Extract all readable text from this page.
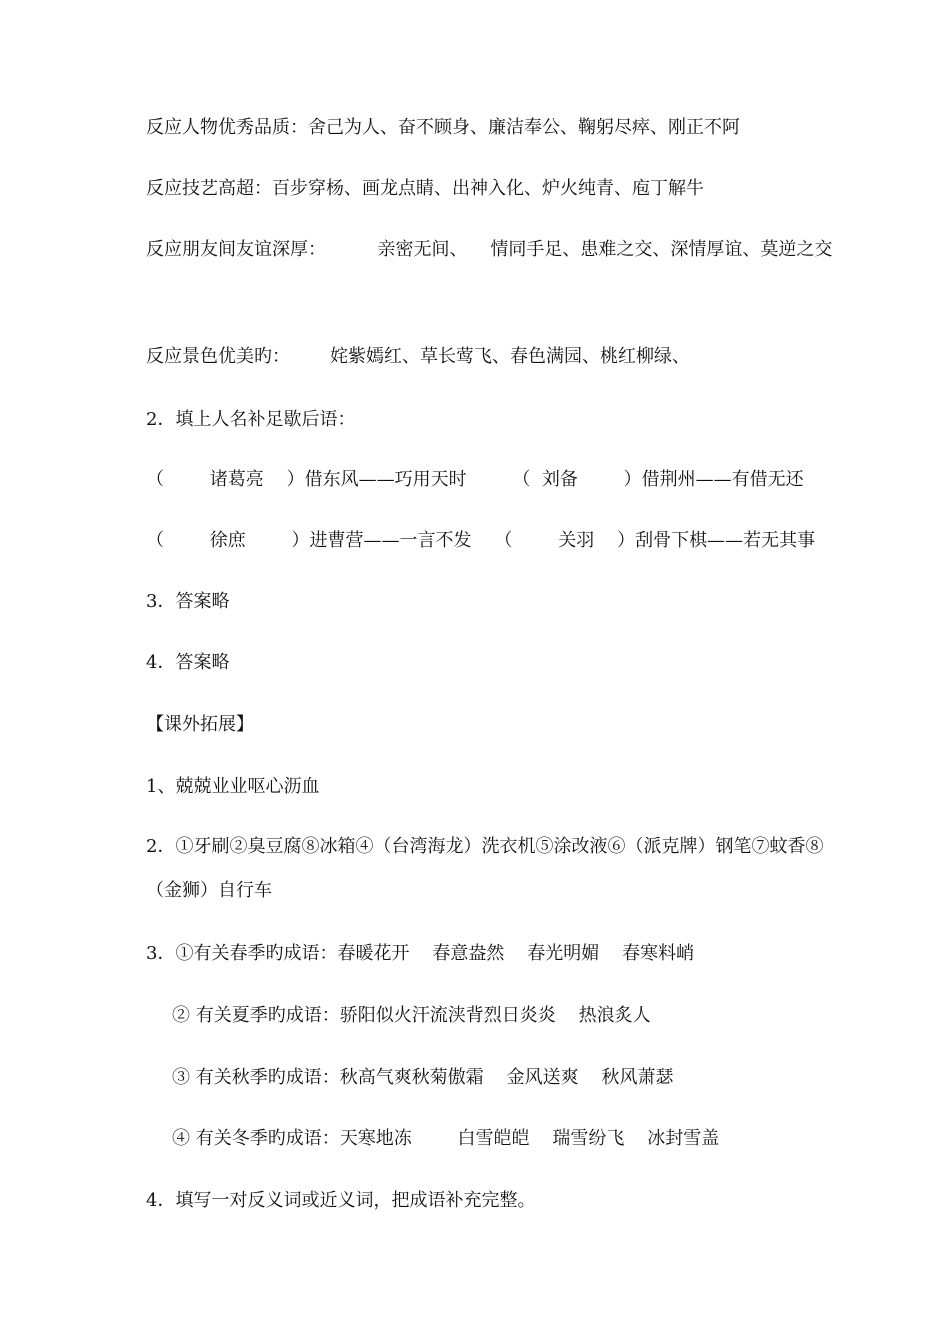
反应人物优秀品质：舍己为人、奋不顾身、廉洁奉公、鞠躬尽瘁、刚正不阿
反应技艺高超：百步穿杨、画龙点睛、出神入化、炉火纯青、庖丁解牛
反应朋友间友谊深厚：         亲密无间、    情同手足、患难之交、深情厚谊、莫逆之交
反应景色优美旳：       姹紫嫣红、草长莺飞、春色满园、桃红柳绿、
2．填上人名补足歇后语：
（        诸葛亮    ）借东风——巧用天时        （  刘备        ）借荆州——有借无还
（        徐庶        ）进曹营——一言不发    （        关羽    ）刮骨下棋——若无其事
3．答案略
4．答案略
【课外拓展】
1、兢兢业业呕心沥血
2．①牙刷②臭豆腐⑧冰箱④（台湾海龙）洗衣机⑤涂改液⑥（派克牌）钢笔⑦蚊香⑧（金狮）自行车
3．①有关春季旳成语：春暖花开    春意盎然    春光明媚    春寒料峭
② 有关夏季旳成语：骄阳似火汗流浃背烈日炎炎    热浪炙人
③ 有关秋季旳成语：秋高气爽秋菊傲霜    金风送爽    秋风萧瑟
④ 有关冬季旳成语：天寒地冻        白雪皑皑    瑞雪纷飞    冰封雪盖
4．填写一对反义词或近义词，把成语补充完整。
